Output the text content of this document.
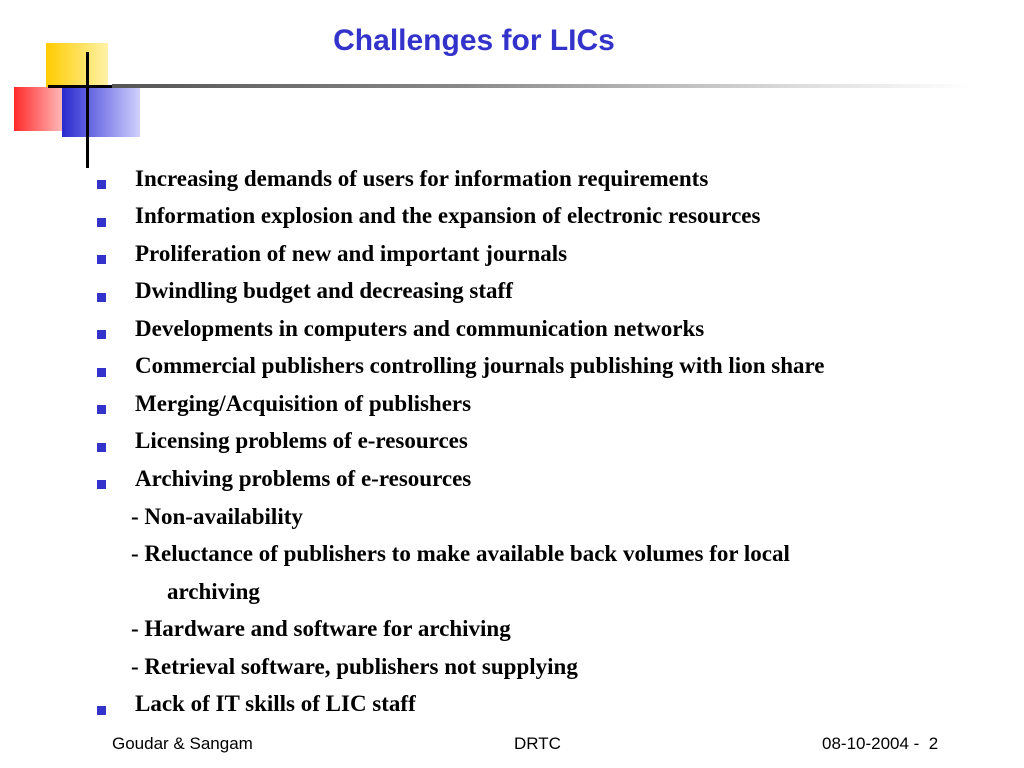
Challenges for LICs
Increasing demands of users for information requirements
Information explosion and the expansion of electronic resources
Proliferation of new and important journals
Dwindling budget and decreasing staff
Developments in computers and communication networks
Commercial publishers controlling journals publishing with lion share
Merging/Acquisition of publishers
Licensing problems of e-resources
Archiving problems of e-resources
- Non-availability
- Reluctance of publishers to make available back volumes for local
archiving
- Hardware and software for archiving
- Retrieval software, publishers not supplying
Lack of IT skills of LIC staff
Goudar & Sangam	DRTC	08-10-2004 -  2
